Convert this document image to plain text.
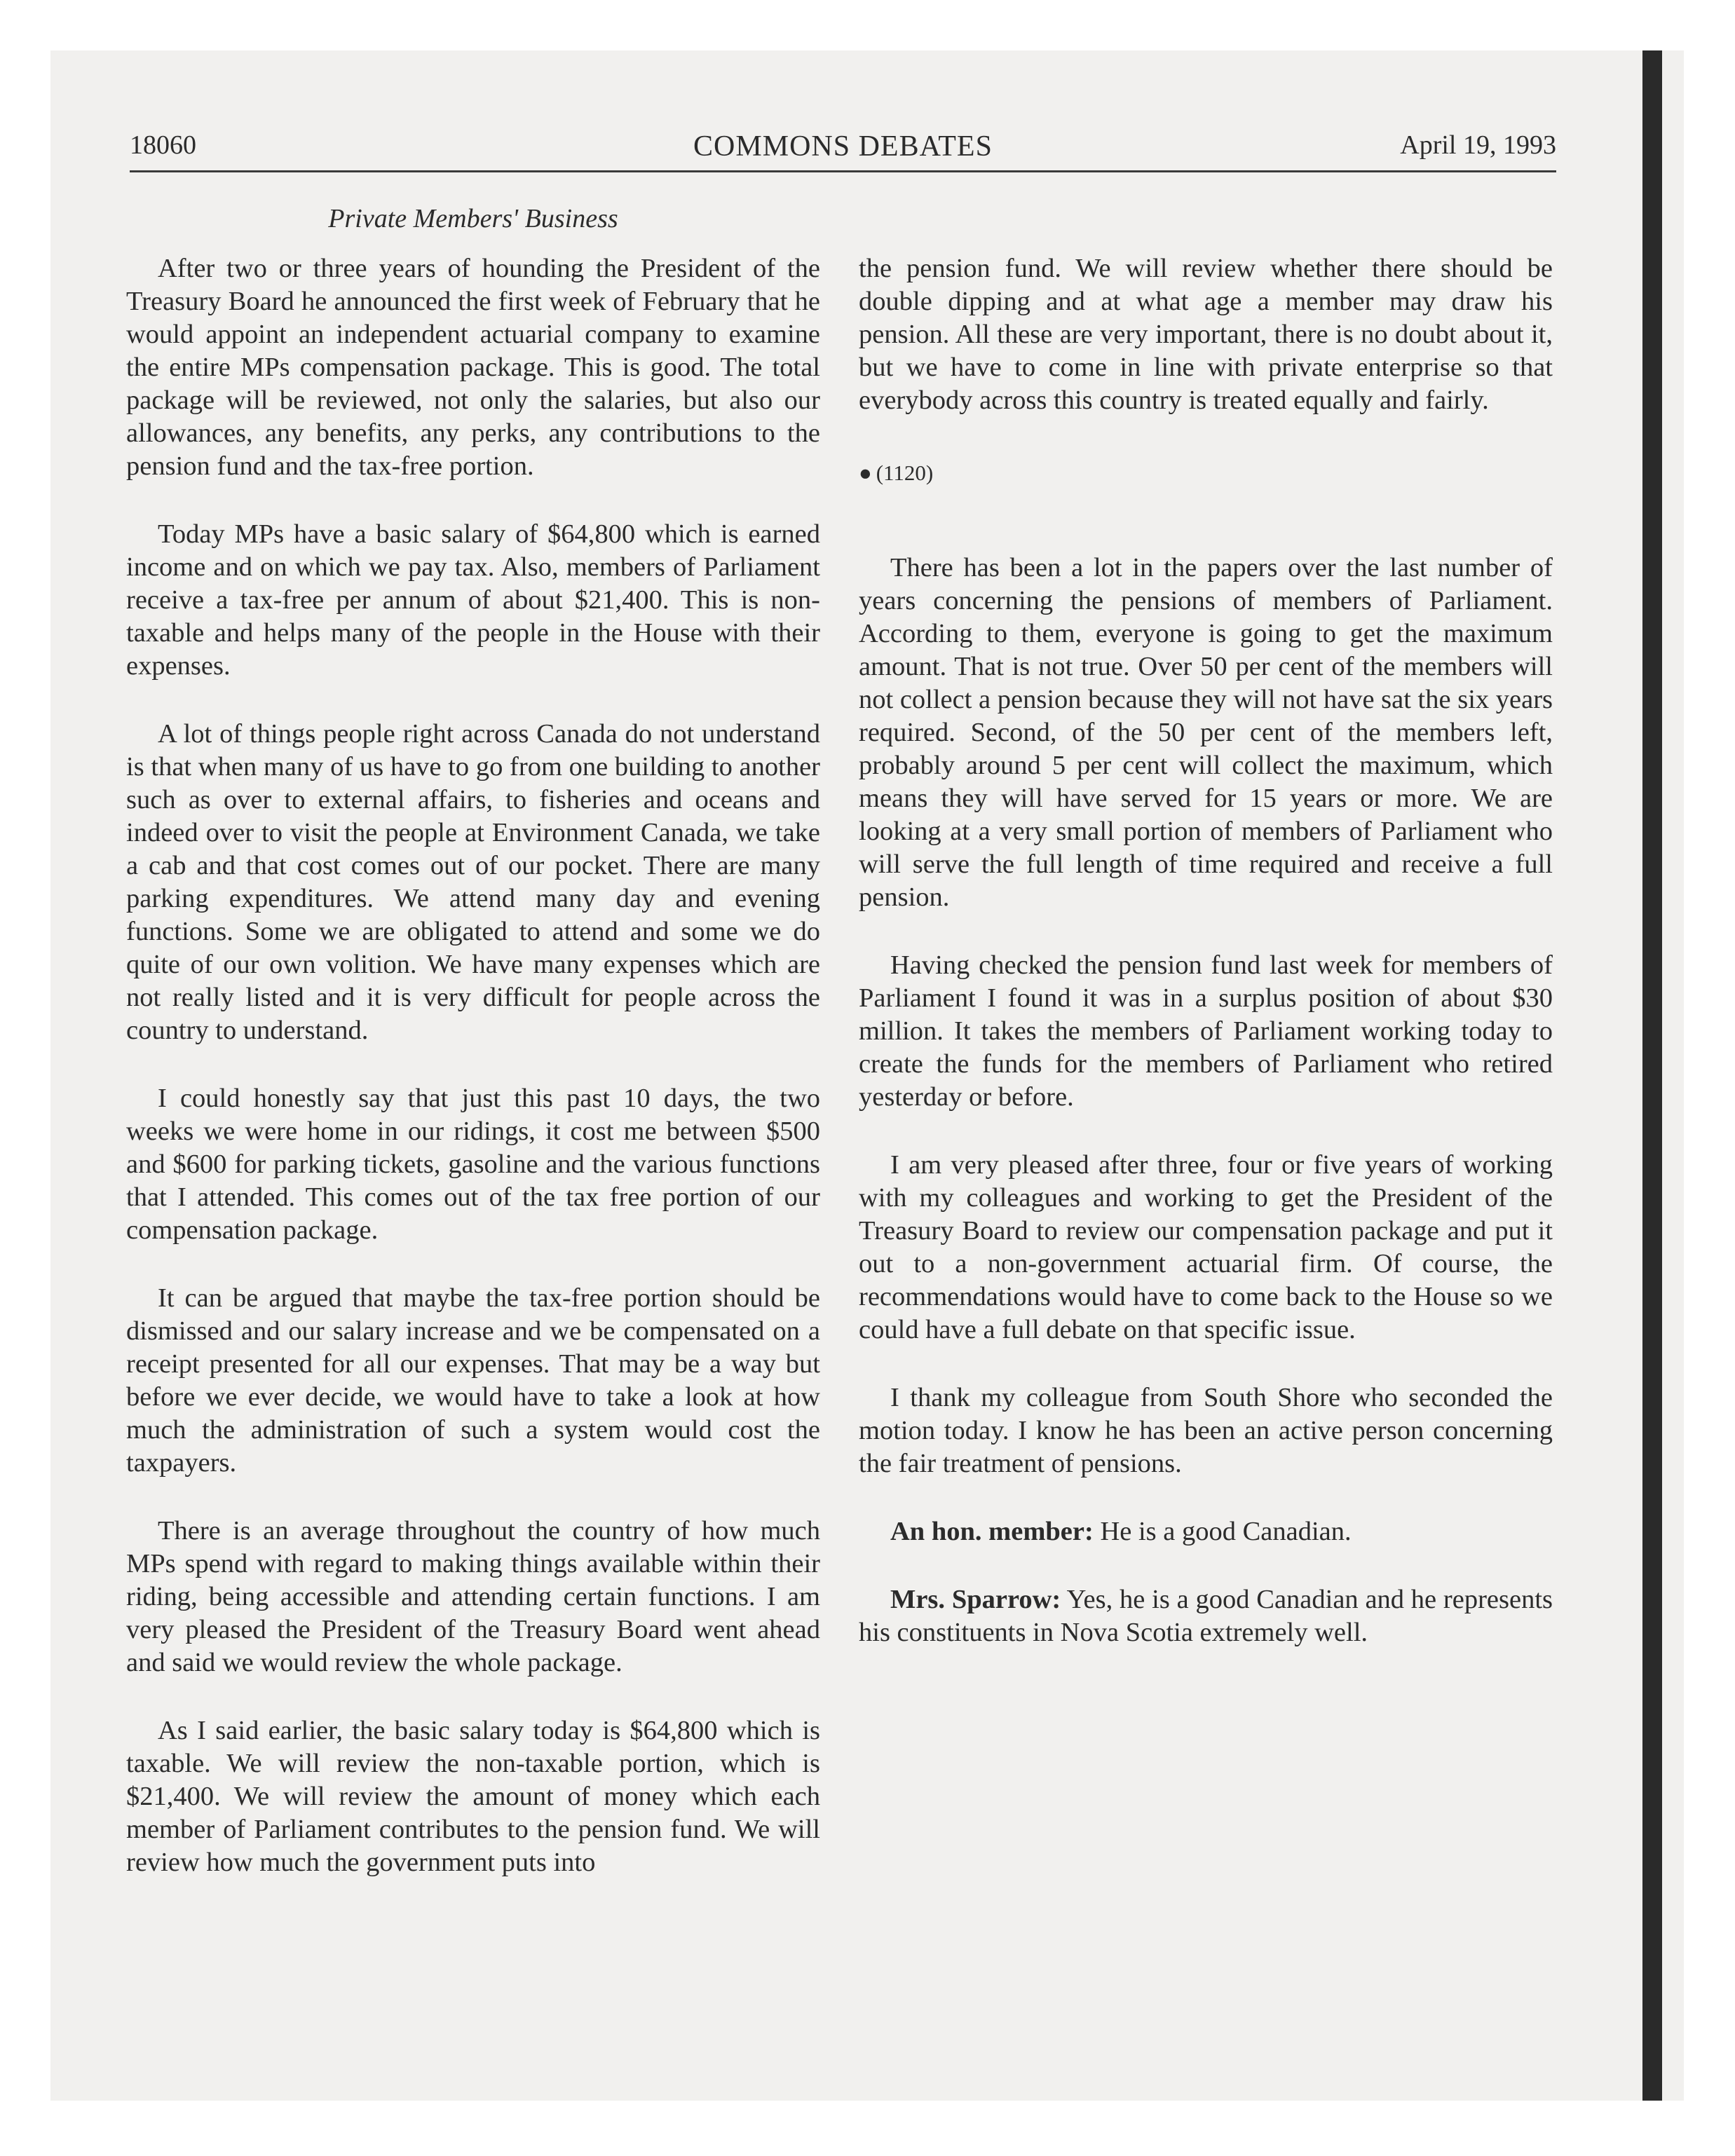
18060	COMMONS DEBATES	April 19, 1993
Private Members' Business

After two or three years of hounding the President of the Treasury Board he announced the first week of February that he would appoint an independent actuarial company to examine the entire MPs compensation package. This is good. The total package will be reviewed, not only the salaries, but also our allowances, any benefits, any perks, any contributions to the pension fund and the tax-free portion.

Today MPs have a basic salary of $64,800 which is earned income and on which we pay tax. Also, members of Parliament receive a tax-free per annum of about $21,400. This is non-taxable and helps many of the people in the House with their expenses.

A lot of things people right across Canada do not understand is that when many of us have to go from one building to another such as over to external affairs, to fisheries and oceans and indeed over to visit the people at Environment Canada, we take a cab and that cost comes out of our pocket. There are many parking expenditures. We attend many day and evening functions. Some we are obligated to attend and some we do quite of our own volition. We have many expenses which are not really listed and it is very difficult for people across the country to understand.

I could honestly say that just this past 10 days, the two weeks we were home in our ridings, it cost me between $500 and $600 for parking tickets, gasoline and the various functions that I attended. This comes out of the tax free portion of our compensation package.

It can be argued that maybe the tax-free portion should be dismissed and our salary increase and we be compensated on a receipt presented for all our expenses. That may be a way but before we ever decide, we would have to take a look at how much the administration of such a system would cost the taxpayers.

There is an average throughout the country of how much MPs spend with regard to making things available within their riding, being accessible and attending certain functions. I am very pleased the President of the Treasury Board went ahead and said we would review the whole package.

As I said earlier, the basic salary today is $64,800 which is taxable. We will review the non-taxable portion, which is $21,400. We will review the amount of money which each member of Parliament contributes to the pension fund. We will review how much the government puts into

the pension fund. We will review whether there should be double dipping and at what age a member may draw his pension. All these are very important, there is no doubt about it, but we have to come in line with private enterprise so that everybody across this country is treated equally and fairly.

● (1120)

There has been a lot in the papers over the last number of years concerning the pensions of members of Parliament. According to them, everyone is going to get the maximum amount. That is not true. Over 50 per cent of the members will not collect a pension because they will not have sat the six years required. Second, of the 50 per cent of the members left, probably around 5 per cent will collect the maximum, which means they will have served for 15 years or more. We are looking at a very small portion of members of Parliament who will serve the full length of time required and receive a full pension.

Having checked the pension fund last week for members of Parliament I found it was in a surplus position of about $30 million. It takes the members of Parliament working today to create the funds for the members of Parliament who retired yesterday or before.

I am very pleased after three, four or five years of working with my colleagues and working to get the President of the Treasury Board to review our compensation package and put it out to a non-government actuarial firm. Of course, the recommendations would have to come back to the House so we could have a full debate on that specific issue.

I thank my colleague from South Shore who seconded the motion today. I know he has been an active person concerning the fair treatment of pensions.

An hon. member: He is a good Canadian.

Mrs. Sparrow: Yes, he is a good Canadian and he represents his constituents in Nova Scotia extremely well.
